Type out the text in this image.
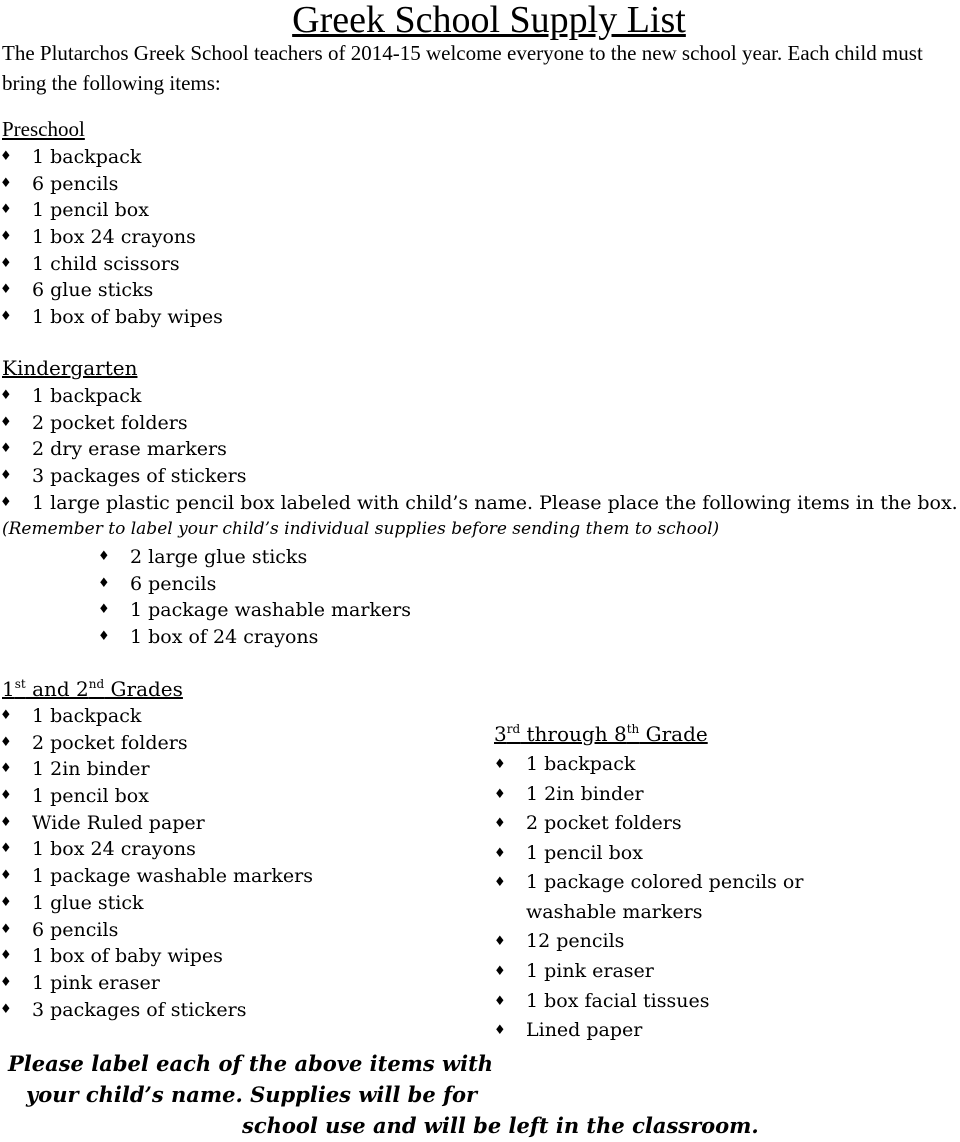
Greek School Supply List
The Plutarchos Greek School teachers of 2014-15 welcome everyone to the new school year. Each child must bring the following items:
Preschool
♦ 1 backpack
♦ 6 pencils
♦ 1 pencil box
♦ 1 box 24 crayons
♦ 1 child scissors
♦ 6 glue sticks
♦ 1 box of baby wipes
Kindergarten
♦ 1 backpack
♦ 2 pocket folders
♦ 2 dry erase markers
♦ 3 packages of stickers
♦ 1 large plastic pencil box labeled with child’s name. Please place the following items in the box.
(Remember to label your child’s individual supplies before sending them to school)
♦ 2 large glue sticks
♦ 6 pencils
♦ 1 package washable markers
♦ 1 box of 24 crayons
1st and 2nd Grades
♦ 1 backpack
♦ 2 pocket folders
♦ 1 2in binder
♦ 1 pencil box
♦ Wide Ruled paper
♦ 1 box 24 crayons
♦ 1 package washable markers
♦ 1 glue stick
♦ 6 pencils
♦ 1 box of baby wipes
♦ 1 pink eraser
♦ 3 packages of stickers
3rd through 8th Grade
♦ 1 backpack
♦ 1 2in binder
♦ 2 pocket folders
♦ 1 pencil box
♦ 1 package colored pencils or washable markers
♦ 12 pencils
♦ 1 pink eraser
♦ 1 box facial tissues
♦ Lined paper
Please label each of the above items with
your child’s name. Supplies will be for
school use and will be left in the classroom.
